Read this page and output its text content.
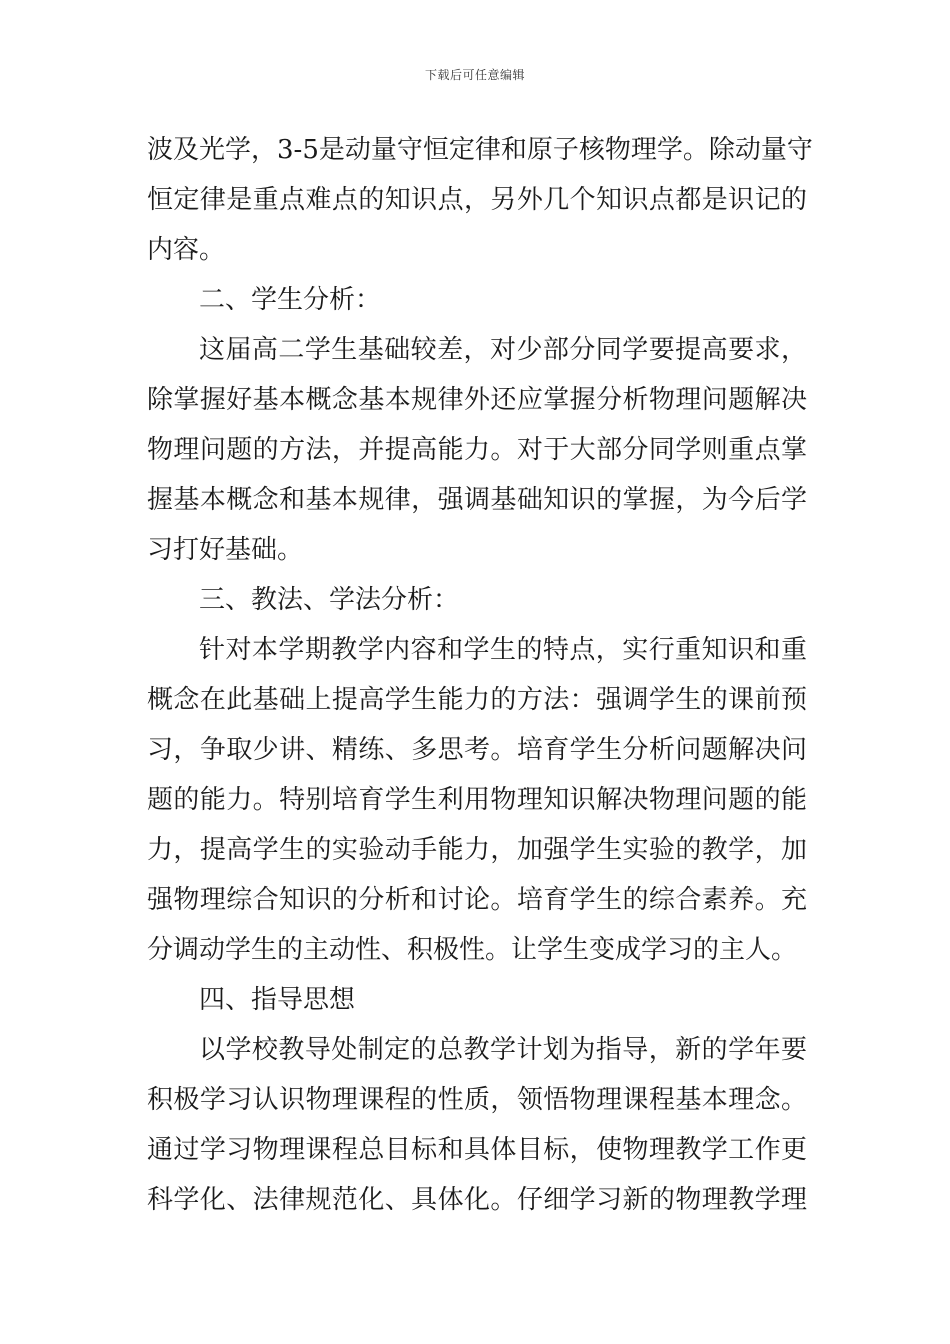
下载后可任意编辑
波及光学，3-5是动量守恒定律和原子核物理学。除动量守
恒定律是重点难点的知识点，另外几个知识点都是识记的
内容。
二、学生分析：
这届高二学生基础较差，对少部分同学要提高要求，
除掌握好基本概念基本规律外还应掌握分析物理问题解决
物理问题的方法，并提高能力。对于大部分同学则重点掌
握基本概念和基本规律，强调基础知识的掌握，为今后学
习打好基础。
三、教法、学法分析：
针对本学期教学内容和学生的特点，实行重知识和重
概念在此基础上提高学生能力的方法：强调学生的课前预
习，争取少讲、精练、多思考。培育学生分析问题解决问
题的能力。特别培育学生利用物理知识解决物理问题的能
力，提高学生的实验动手能力，加强学生实验的教学，加
强物理综合知识的分析和讨论。培育学生的综合素养。充
分调动学生的主动性、积极性。让学生变成学习的主人。
四、指导思想
以学校教导处制定的总教学计划为指导，新的学年要
积极学习认识物理课程的性质，领悟物理课程基本理念。
通过学习物理课程总目标和具体目标，使物理教学工作更
科学化、法律规范化、具体化。仔细学习新的物理教学理
